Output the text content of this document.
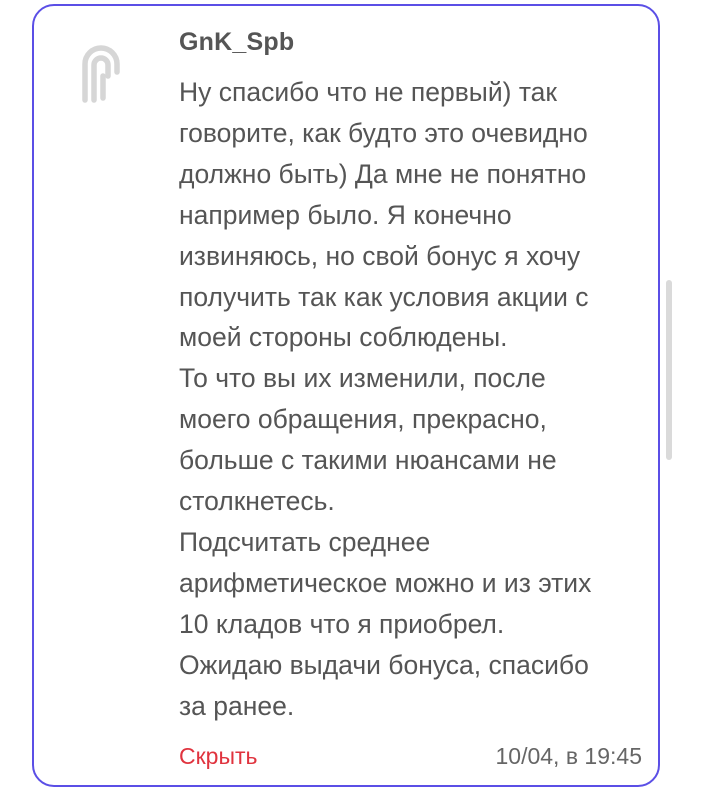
GnK_Spb

Ну спасибо что не первый) так
говорите, как будто это очевидно
должно быть) Да мне не понятно
например было. Я конечно
извиняюсь, но свой бонус я хочу
получить так как условия акции с
моей стороны соблюдены.
То что вы их изменили, после
моего обращения, прекрасно,
больше с такими нюансами не
столкнетесь.
Подсчитать среднее
арифметическое можно и из этих
10 кладов что я приобрел.
Ожидаю выдачи бонуса, спасибо
за ранее.

Скрыть	10/04, в 19:45
